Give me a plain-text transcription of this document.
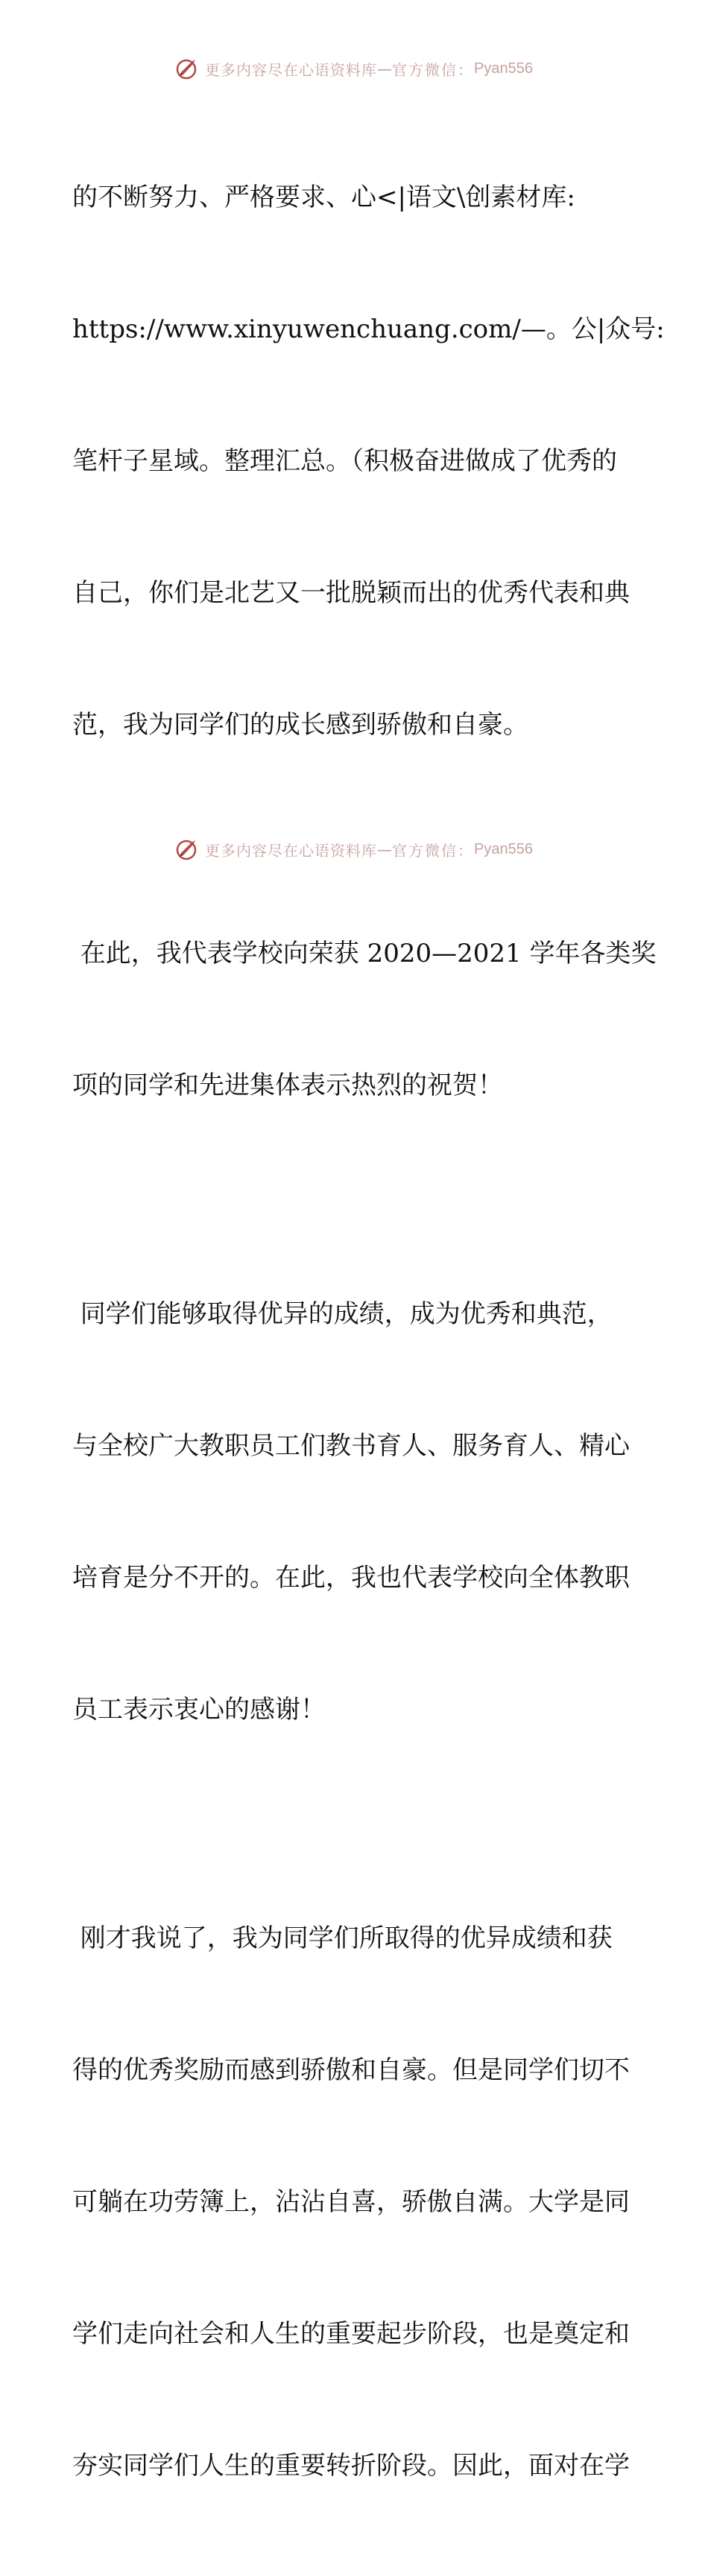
更多内容尽在心语资料库 — 官方微信： Pyan556

的不断努力、严格要求、心<|语文\创素材库:

https://www.xinyuwenchuang.com/—。公|众号:

笔杆子星域。整理汇总。（积极奋进做成了优秀的

自己，你们是北艺又一批脱颖而出的优秀代表和典

范，我为同学们的成长感到骄傲和自豪。

在此，我代表学校向荣获 2020—2021 学年各类奖

项的同学和先进集体表示热烈的祝贺！

同学们能够取得优异的成绩，成为优秀和典范，

与全校广大教职员工们教书育人、服务育人、精心

培育是分不开的。在此，我也代表学校向全体教职

员工表示衷心的感谢！

刚才我说了，我为同学们所取得的优异成绩和获

得的优秀奖励而感到骄傲和自豪。但是同学们切不

可躺在功劳簿上，沾沾自喜，骄傲自满。大学是同

学们走向社会和人生的重要起步阶段，也是奠定和

夯实同学们人生的重要转折阶段。因此，面对在学

更多内容尽在心语资料库 — 官方微信： Pyan556
